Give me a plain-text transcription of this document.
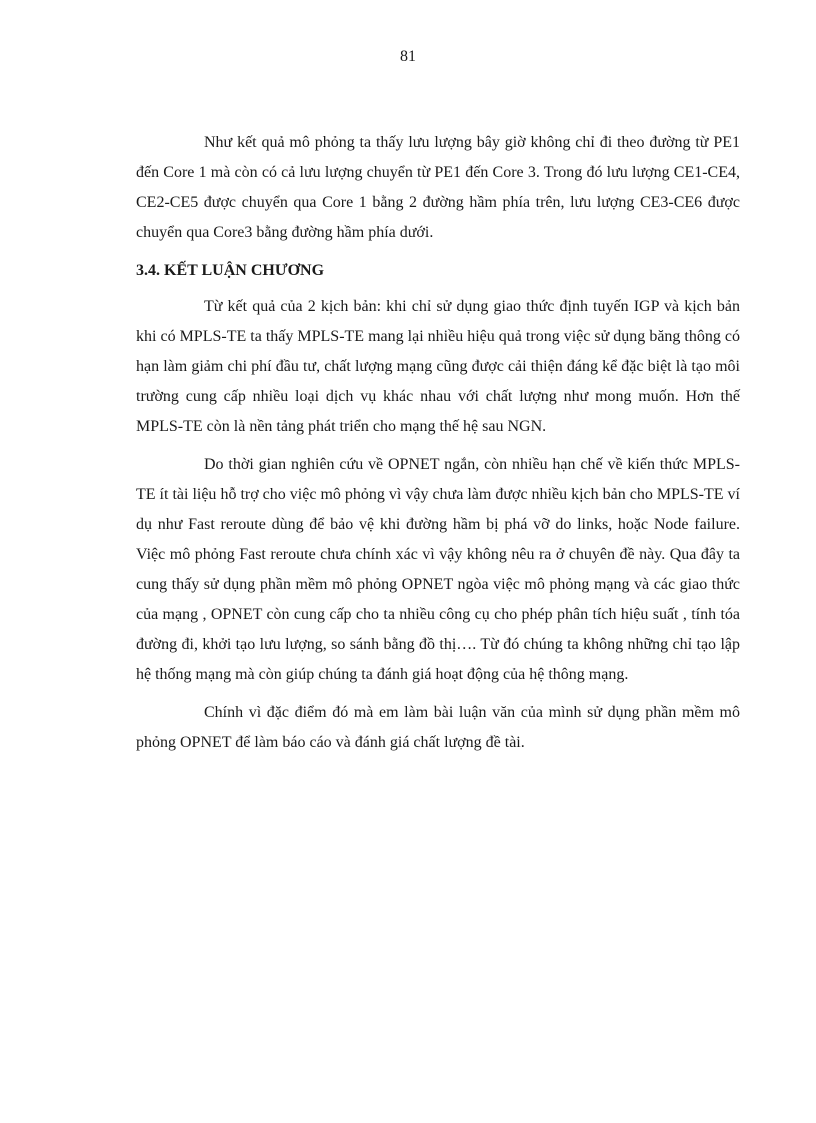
81

Như kết quả mô phỏng ta thấy lưu lượng bây giờ không chỉ đi theo đường từ PE1 đến Core 1 mà còn có cả lưu lượng chuyển từ PE1 đến Core 3. Trong đó lưu lượng CE1-CE4, CE2-CE5 được chuyển qua Core 1 bằng 2 đường hầm phía trên, lưu lượng CE3-CE6 được chuyển qua Core3 bằng đường hầm phía dưới.

3.4. KẾT LUẬN CHƯƠNG

Từ kết quả của 2 kịch bản: khi chỉ sử dụng giao thức định tuyến IGP và kịch bản khi có MPLS-TE ta thấy MPLS-TE mang lại nhiều hiệu quả trong việc sử dụng băng thông có hạn làm giảm chi phí đầu tư, chất lượng mạng cũng được cải thiện đáng kể đặc biệt là tạo môi trường cung cấp nhiều loại dịch vụ khác nhau với chất lượng như mong muốn. Hơn thế MPLS-TE còn là nền tảng phát triển cho mạng thế hệ sau NGN.

Do thời gian nghiên cứu về OPNET ngắn, còn nhiều hạn chế về kiến thức MPLS-TE ít tài liệu hỗ trợ cho việc mô phỏng vì vậy chưa làm được nhiều kịch bản cho MPLS-TE ví dụ như Fast reroute dùng để bảo vệ khi đường hầm bị phá vỡ do links, hoặc Node failure. Việc mô phỏng Fast reroute chưa chính xác vì vậy không nêu ra ở chuyên đề này. Qua đây ta cung thấy sử dụng phần mềm mô phỏng OPNET ngòa việc mô phỏng mạng và các giao thức của mạng , OPNET còn cung cấp cho ta nhiều công cụ cho phép phân tích hiệu suất , tính tóa đường đi, khởi tạo lưu lượng, so sánh bằng đồ thị…. Từ đó chúng ta không những chỉ tạo lập hệ thống mạng mà còn giúp chúng ta đánh giá hoạt động của hệ thông mạng.

Chính vì đặc điểm đó mà em làm bài luận văn của mình sử dụng phần mềm mô phỏng OPNET để làm báo cáo và đánh giá chất lượng đề tài.
